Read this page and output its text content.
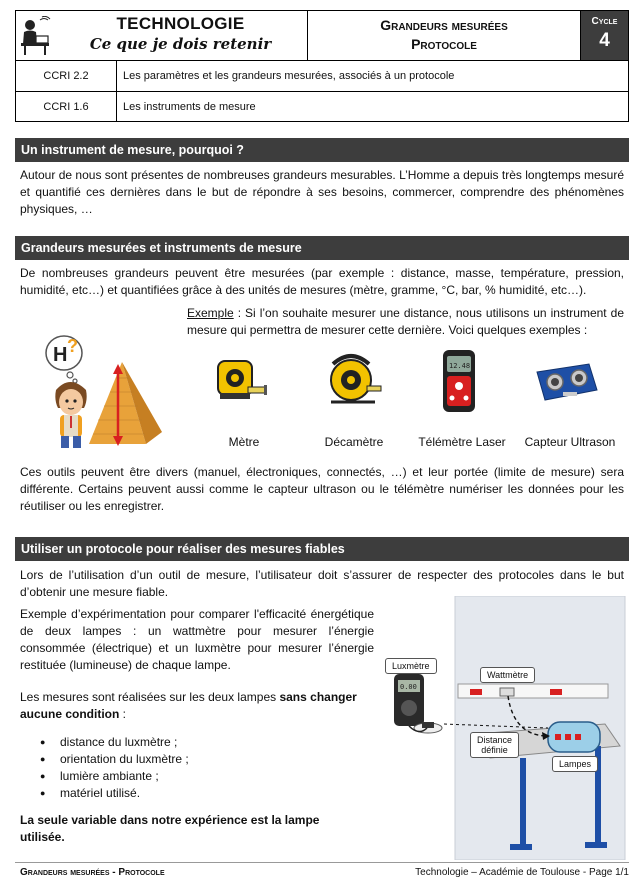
TECHNOLOGIE
Ce que je dois retenir
Grandeurs mesurées
Protocole
Cycle
4
CCRI 2.2	Les paramètres et les grandeurs mesurées, associés à un protocole
CCRI 1.6	Les instruments de mesure
Un instrument de mesure, pourquoi ?
Autour de nous sont présentes de nombreuses grandeurs mesurables. L’Homme a depuis très longtemps mesuré et quantifié ces dernières dans le but de répondre à ses besoins, commercer, comprendre des phénomènes physiques, …
Grandeurs mesurées et instruments de mesure
De nombreuses grandeurs peuvent être mesurées (par exemple : distance, masse, température, pression, humidité, etc…) et quantifiées grâce à des unités de mesures (mètre, gramme, °C, bar, % humidité, etc…).
Exemple : Si l’on souhaite mesurer une distance, nous utilisons un instrument de mesure qui permettra de mesurer cette dernière. Voici quelques exemples :
H ?
12.48
Mètre	Décamètre	Télémètre Laser	Capteur Ultrason
Ces outils peuvent être divers (manuel, électroniques, connectés, …) et leur portée (limite de mesure) sera différente. Certains peuvent aussi comme le capteur ultrason ou le télémètre numériser les données pour les réutiliser ou les enregistrer.
Utiliser un protocole pour réaliser des mesures fiables
Lors de l’utilisation d’un outil de mesure, l’utilisateur doit s’assurer de respecter des protocoles dans le but d’obtenir une mesure fiable.
Exemple d’expérimentation pour comparer l'efficacité énergétique de deux lampes : un wattmètre pour mesurer l’énergie consommée (électrique) et un luxmètre pour mesurer l’énergie restituée (lumineuse) de chaque lampe.
Les mesures sont réalisées sur les deux lampes sans changer aucune condition :
● distance du luxmètre ;
● orientation du luxmètre ;
● lumière ambiante ;
● matériel utilisé.
La seule variable dans notre expérience est la lampe utilisée.
0.00
Luxmètre
Wattmètre
Distance
définie
Lampes
Grandeurs mesurées - Protocole	Technologie – Académie de Toulouse - Page 1/1
